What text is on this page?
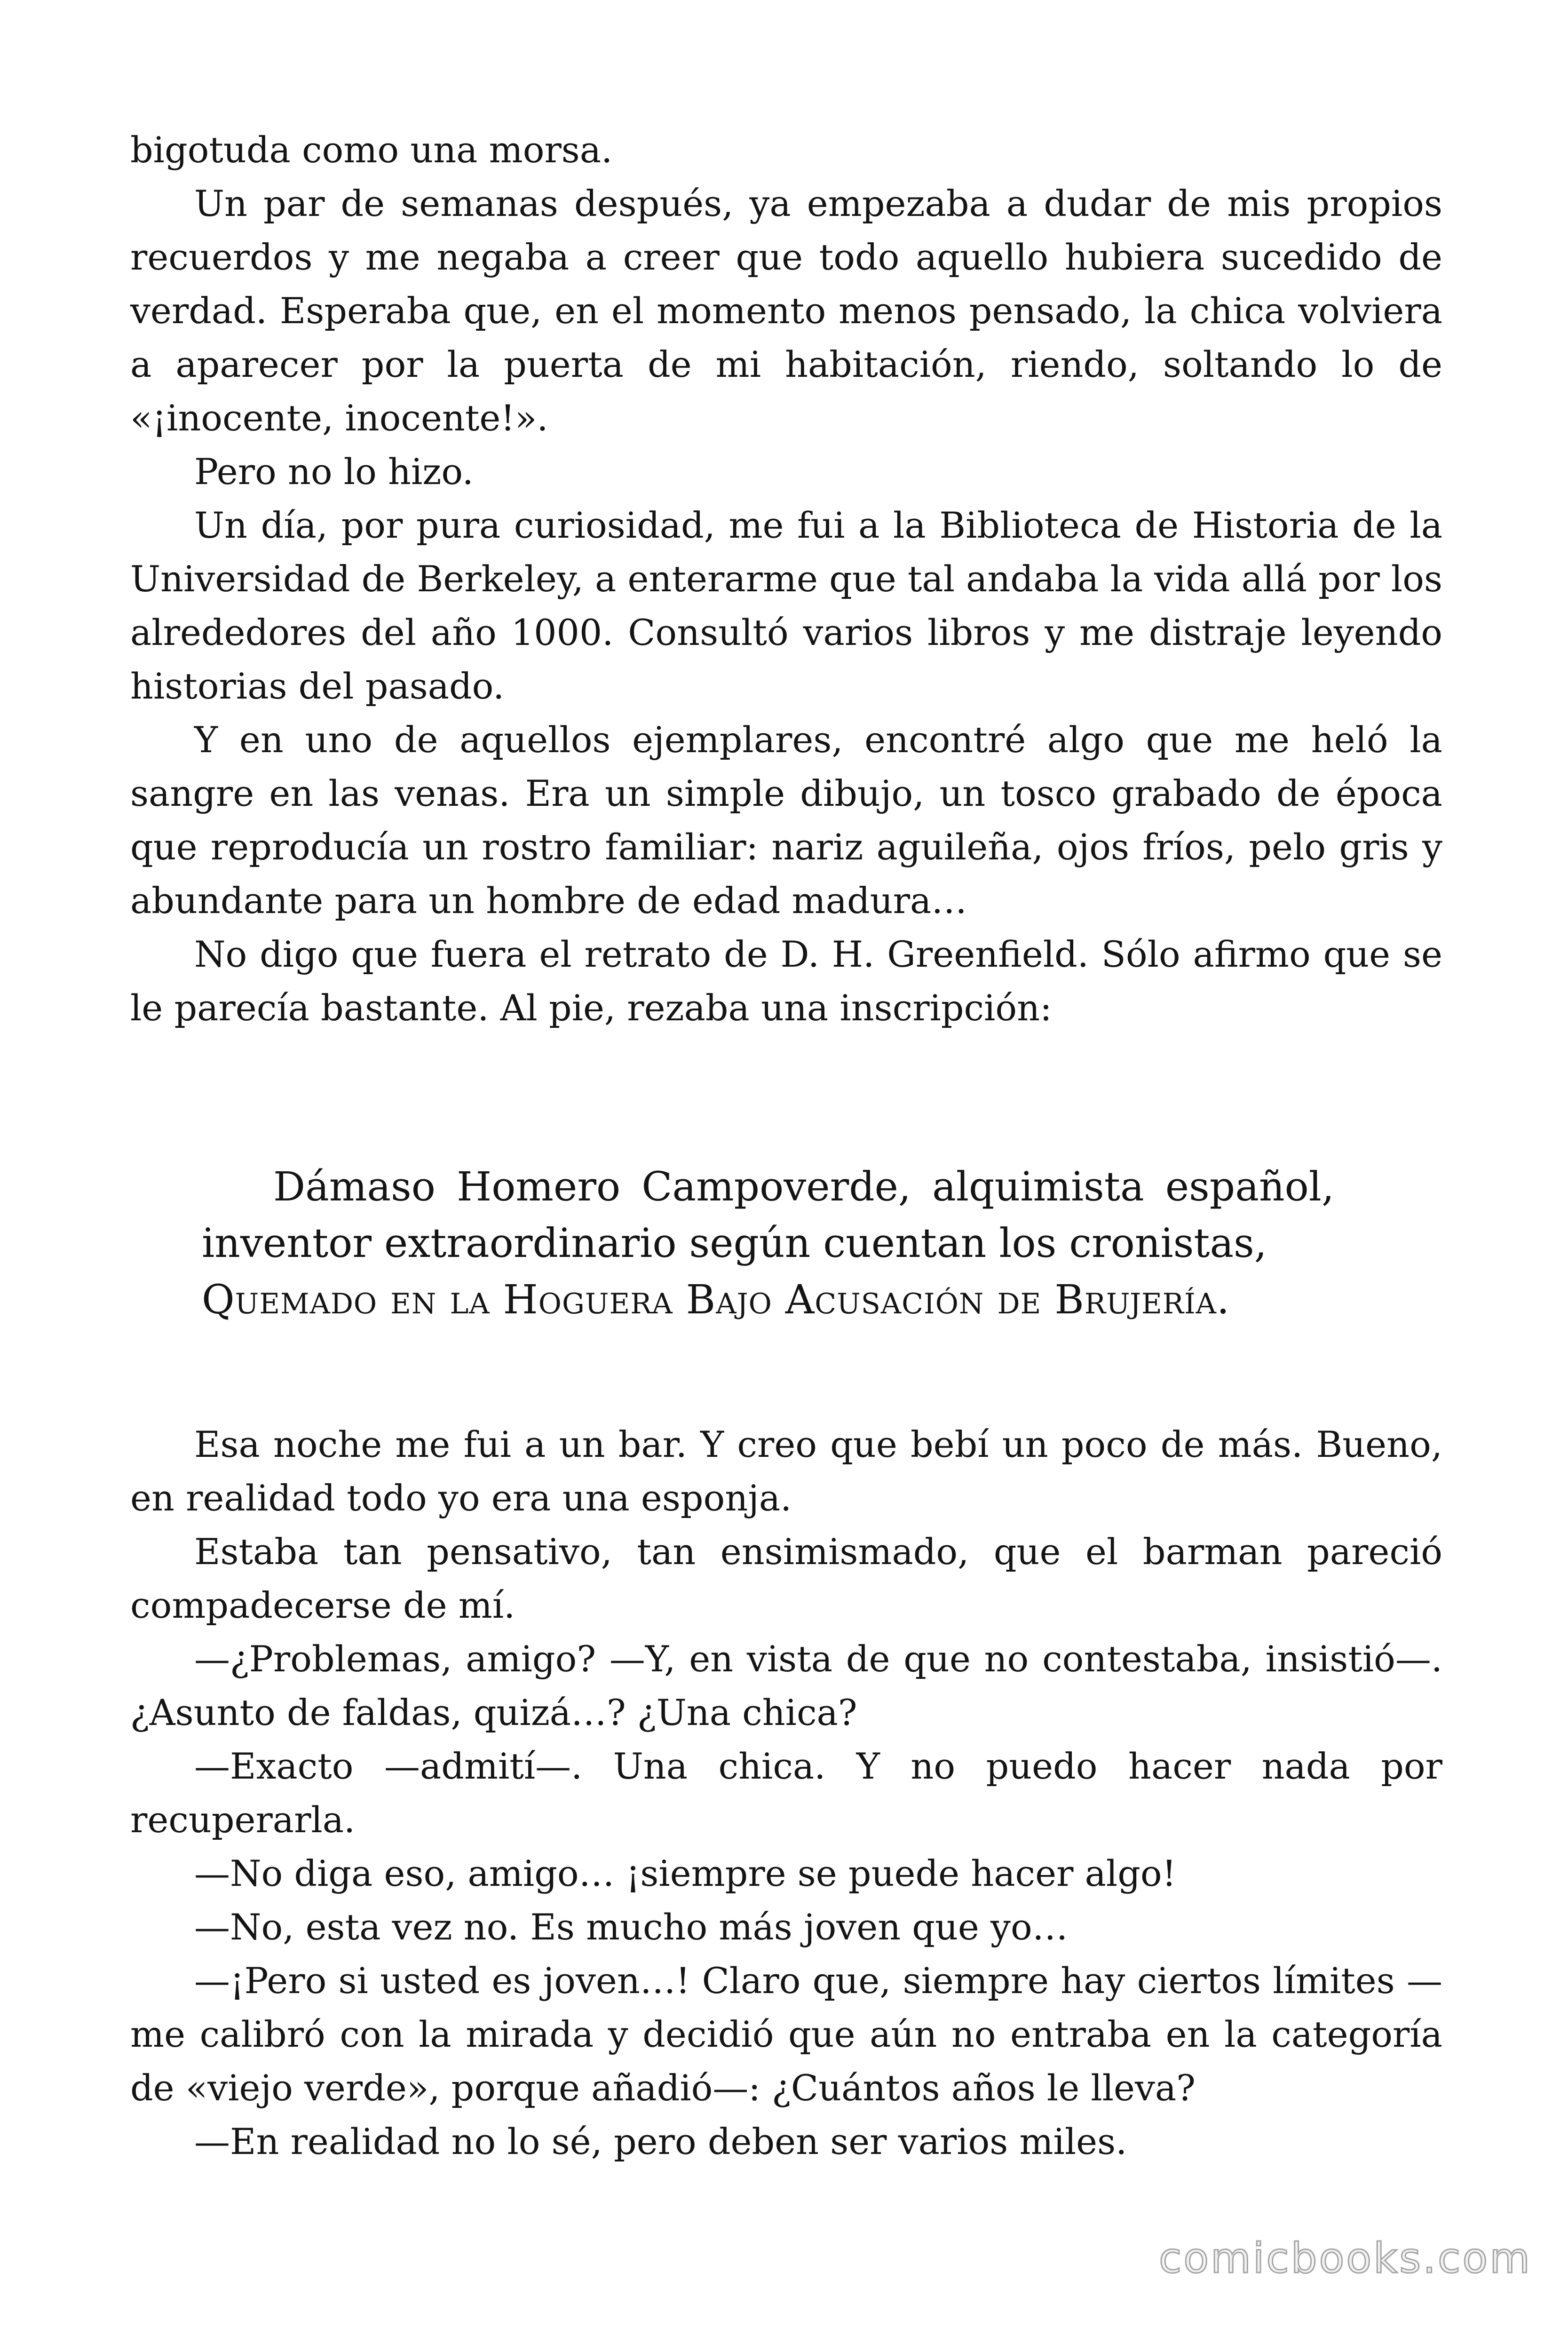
bigotuda como una morsa.

Un par de semanas después, ya empezaba a dudar de mis propios recuerdos y me negaba a creer que todo aquello hubiera sucedido de verdad. Esperaba que, en el momento menos pensado, la chica volviera a aparecer por la puerta de mi habitación, riendo, soltando lo de «¡inocente, inocente!».

Pero no lo hizo.

Un día, por pura curiosidad, me fui a la Biblioteca de Historia de la Universidad de Berkeley, a enterarme que tal andaba la vida allá por los alrededores del año 1000. Consultó varios libros y me distraje leyendo historias del pasado.

Y en uno de aquellos ejemplares, encontré algo que me heló la sangre en las venas. Era un simple dibujo, un tosco grabado de época que reproducía un rostro familiar: nariz aguileña, ojos fríos, pelo gris y abundante para un hombre de edad madura…

No digo que fuera el retrato de D. H. Greenfield. Sólo afirmo que se le parecía bastante. Al pie, rezaba una inscripción:

Dámaso Homero Campoverde, alquimista español, inventor extraordinario según cuentan los cronistas,
Quemado en la Hoguera Bajo Acusación de Brujería.

Esa noche me fui a un bar. Y creo que bebí un poco de más. Bueno, en realidad todo yo era una esponja.

Estaba tan pensativo, tan ensimismado, que el barman pareció compadecerse de mí.

—¿Problemas, amigo? —Y, en vista de que no contestaba, insistió—. ¿Asunto de faldas, quizá…? ¿Una chica?

—Exacto —admití—. Una chica. Y no puedo hacer nada por recuperarla.

—No diga eso, amigo… ¡siempre se puede hacer algo!

—No, esta vez no. Es mucho más joven que yo…

—¡Pero si usted es joven…! Claro que, siempre hay ciertos límites —me calibró con la mirada y decidió que aún no entraba en la categoría de «viejo verde», porque añadió—: ¿Cuántos años le lleva?

—En realidad no lo sé, pero deben ser varios miles.

comicbooks.com
